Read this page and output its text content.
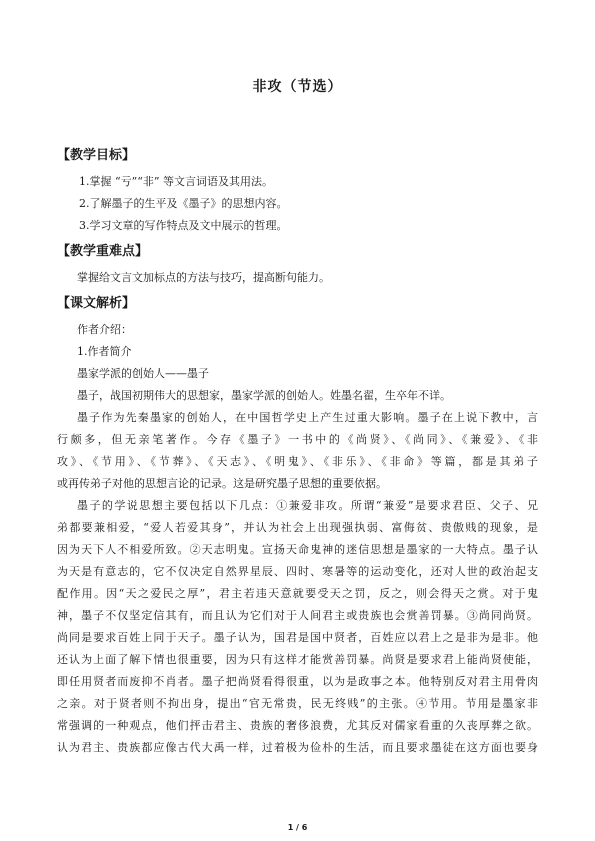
非攻（节选）
【教学目标】
1.掌握 “亏”“非” 等文言词语及其用法。
2.了解墨子的生平及《墨子》的思想内容。
3.学习文章的写作特点及文中展示的哲理。
【教学重难点】
掌握给文言文加标点的方法与技巧，提高断句能力。
【课文解析】
作者介绍：
1.作者简介
墨家学派的创始人——墨子
墨子，战国初期伟大的思想家，墨家学派的创始人。姓墨名翟，生卒年不详。
墨子作为先秦墨家的创始人，在中国哲学史上产生过重大影响。墨子在上说下教中，言
行颇多，但无亲笔著作。今存《墨子》一书中的《尚贤》、《尚同》、《兼爱》、《非
攻》、《节用》、《节葬》、《天志》、《明鬼》、《非乐》、《非命》等篇，都是其弟子
或再传弟子对他的思想言论的记录。这是研究墨子思想的重要依据。
墨子的学说思想主要包括以下几点：①兼爱非攻。所谓“兼爱”是要求君臣、父子、兄
弟都要兼相爱，“爱人若爱其身”，并认为社会上出现强执弱、富侮贫、贵傲贱的现象，是
因为天下人不相爱所致。②天志明鬼。宣扬天命鬼神的迷信思想是墨家的一大特点。墨子认
为天是有意志的，它不仅决定自然界星辰、四时、寒暑等的运动变化，还对人世的政治起支
配作用。因“天之爱民之厚”，君主若违天意就要受天之罚，反之，则会得天之赏。对于鬼
神，墨子不仅坚定信其有，而且认为它们对于人间君主或贵族也会赏善罚暴。③尚同尚贤。
尚同是要求百姓上同于天子。墨子认为，国君是国中贤者，百姓应以君上之是非为是非。他
还认为上面了解下情也很重要，因为只有这样才能赏善罚暴。尚贤是要求君上能尚贤使能，
即任用贤者而废抑不肖者。墨子把尚贤看得很重，以为是政事之本。他特别反对君主用骨肉
之亲。对于贤者则不拘出身，提出“官无常贵，民无终贱”的主张。④节用。节用是墨家非
常强调的一种观点，他们抨击君主、贵族的奢侈浪费，尤其反对儒家看重的久丧厚葬之欲。
认为君主、贵族都应像古代大禹一样，过着极为俭朴的生活，而且要求墨徒在这方面也要身
1 / 6
